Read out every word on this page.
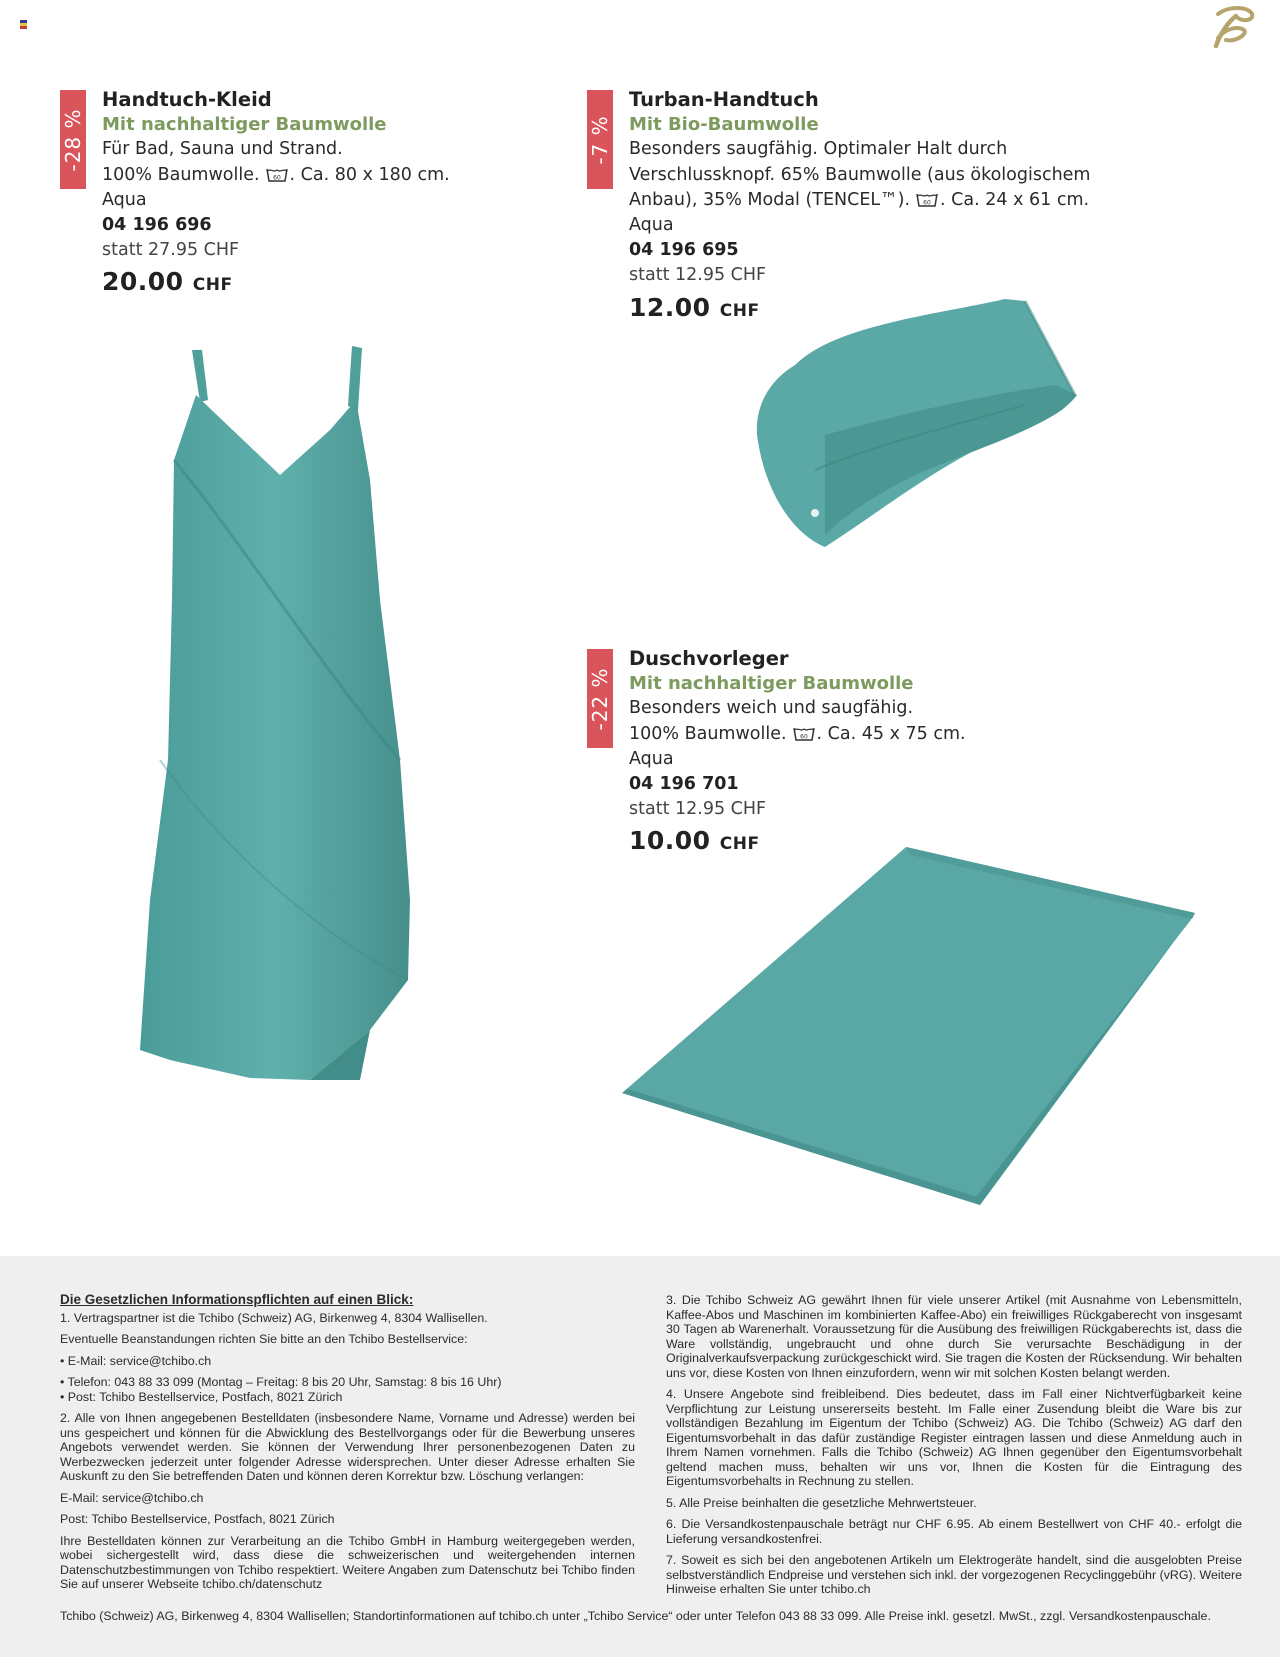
-28 %
Handtuch-Kleid
Mit nachhaltiger Baumwolle
Für Bad, Sauna und Strand.
100% Baumwolle. 60 . Ca. 80 x 180 cm.
Aqua
04 196 696
statt 27.95 CHF
20.00 CHF
-7 %
Turban-Handtuch
Mit Bio-Baumwolle
Besonders saugfähig. Optimaler Halt durch
Verschlussknopf. 65% Baumwolle (aus ökologischem
Anbau), 35% Modal (TENCEL™). 60 . Ca. 24 x 61 cm.
Aqua
04 196 695
statt 12.95 CHF
12.00 CHF
-22 %
Duschvorleger
Mit nachhaltiger Baumwolle
Besonders weich und saugfähig.
100% Baumwolle. 60 . Ca. 45 x 75 cm.
Aqua
04 196 701
statt 12.95 CHF
10.00 CHF

Die Gesetzlichen Informationspflichten auf einen Blick:

1. Vertragspartner ist die Tchibo (Schweiz) AG, Birkenweg 4, 8304 Wallisellen.

Eventuelle Beanstandungen richten Sie bitte an den Tchibo Bestellservice:

• E-Mail: service@tchibo.ch

• Telefon: 043 88 33 099 (Montag – Freitag: 8 bis 20 Uhr, Samstag: 8 bis 16 Uhr)

• Post: Tchibo Bestellservice, Postfach, 8021 Zürich

2. Alle von Ihnen angegebenen Bestelldaten (insbesondere Name, Vorname und Adresse) werden bei uns gespeichert und können für die Abwicklung des Bestellvorgangs oder für die Bewerbung unseres Angebots verwendet werden. Sie können der Verwendung Ihrer personenbezogenen Daten zu Werbezwecken jederzeit unter folgender Adresse widersprechen. Unter dieser Adresse erhalten Sie Auskunft zu den Sie betreffenden Daten und können deren Korrektur bzw. Löschung verlangen:

E-Mail: service@tchibo.ch

Post: Tchibo Bestellservice, Postfach, 8021 Zürich

Ihre Bestelldaten können zur Verarbeitung an die Tchibo GmbH in Hamburg weitergegeben werden, wobei sichergestellt wird, dass diese die schweizerischen und weitergehenden internen Datenschutzbestimmungen von Tchibo respektiert. Weitere Angaben zum Datenschutz bei Tchibo finden Sie auf unserer Webseite tchibo.ch/datenschutz

3. Die Tchibo Schweiz AG gewährt Ihnen für viele unserer Artikel (mit Ausnahme von Lebensmitteln, Kaffee-Abos und Maschinen im kombinierten Kaffee-Abo) ein freiwilliges Rückgaberecht von insgesamt 30 Tagen ab Warenerhalt. Voraussetzung für die Ausübung des freiwilligen Rückgaberechts ist, dass die Ware vollständig, ungebraucht und ohne durch Sie verursachte Beschädigung in der Originalverkaufsverpackung zurückgeschickt wird. Sie tragen die Kosten der Rücksendung. Wir behalten uns vor, diese Kosten von Ihnen einzufordern, wenn wir mit solchen Kosten belangt werden.

4. Unsere Angebote sind freibleibend. Dies bedeutet, dass im Fall einer Nichtverfügbarkeit keine Verpflichtung zur Leistung unsererseits besteht. Im Falle einer Zusendung bleibt die Ware bis zur vollständigen Bezahlung im Eigentum der Tchibo (Schweiz) AG. Die Tchibo (Schweiz) AG darf den Eigentumsvorbehalt in das dafür zuständige Register eintragen lassen und diese Anmeldung auch in Ihrem Namen vornehmen. Falls die Tchibo (Schweiz) AG Ihnen gegenüber den Eigentumsvorbehalt geltend machen muss, behalten wir uns vor, Ihnen die Kosten für die Eintragung des Eigentumsvorbehalts in Rechnung zu stellen.

5. Alle Preise beinhalten die gesetzliche Mehrwertsteuer.

6. Die Versandkostenpauschale beträgt nur CHF 6.95. Ab einem Bestellwert von CHF 40.- erfolgt die Lieferung versandkostenfrei.

7. Soweit es sich bei den angebotenen Artikeln um Elektrogeräte handelt, sind die ausgelobten Preise selbstverständlich Endpreise und verstehen sich inkl. der vorgezogenen Recyclinggebühr (vRG). Weitere Hinweise erhalten Sie unter tchibo.ch

Tchibo (Schweiz) AG, Birkenweg 4, 8304 Wallisellen; Standortinformationen auf tchibo.ch unter „Tchibo Service“ oder unter Telefon 043 88 33 099. Alle Preise inkl. gesetzl. MwSt., zzgl. Versandkostenpauschale.
